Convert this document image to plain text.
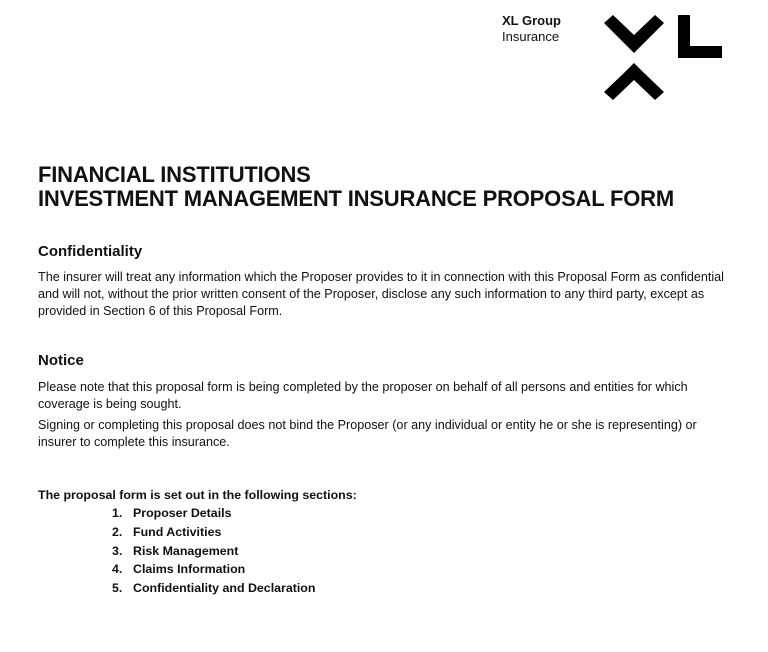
XL Group
Insurance
FINANCIAL INSTITUTIONS
INVESTMENT MANAGEMENT INSURANCE PROPOSAL FORM
Confidentiality

The insurer will treat any information which the Proposer provides to it in connection with this Proposal Form as confidential and will not, without the prior written consent of the Proposer, disclose any such information to any third party, except as provided in Section 6 of this Proposal Form.

Notice

Please note that this proposal form is being completed by the proposer on behalf of all persons and entities for which coverage is being sought.

Signing or completing this proposal does not bind the Proposer (or any individual or entity he or she is representing) or insurer to complete this insurance.

The proposal form is set out in the following sections:

1. Proposer Details
2. Fund Activities
3. Risk Management
4. Claims Information
5. Confidentiality and Declaration
